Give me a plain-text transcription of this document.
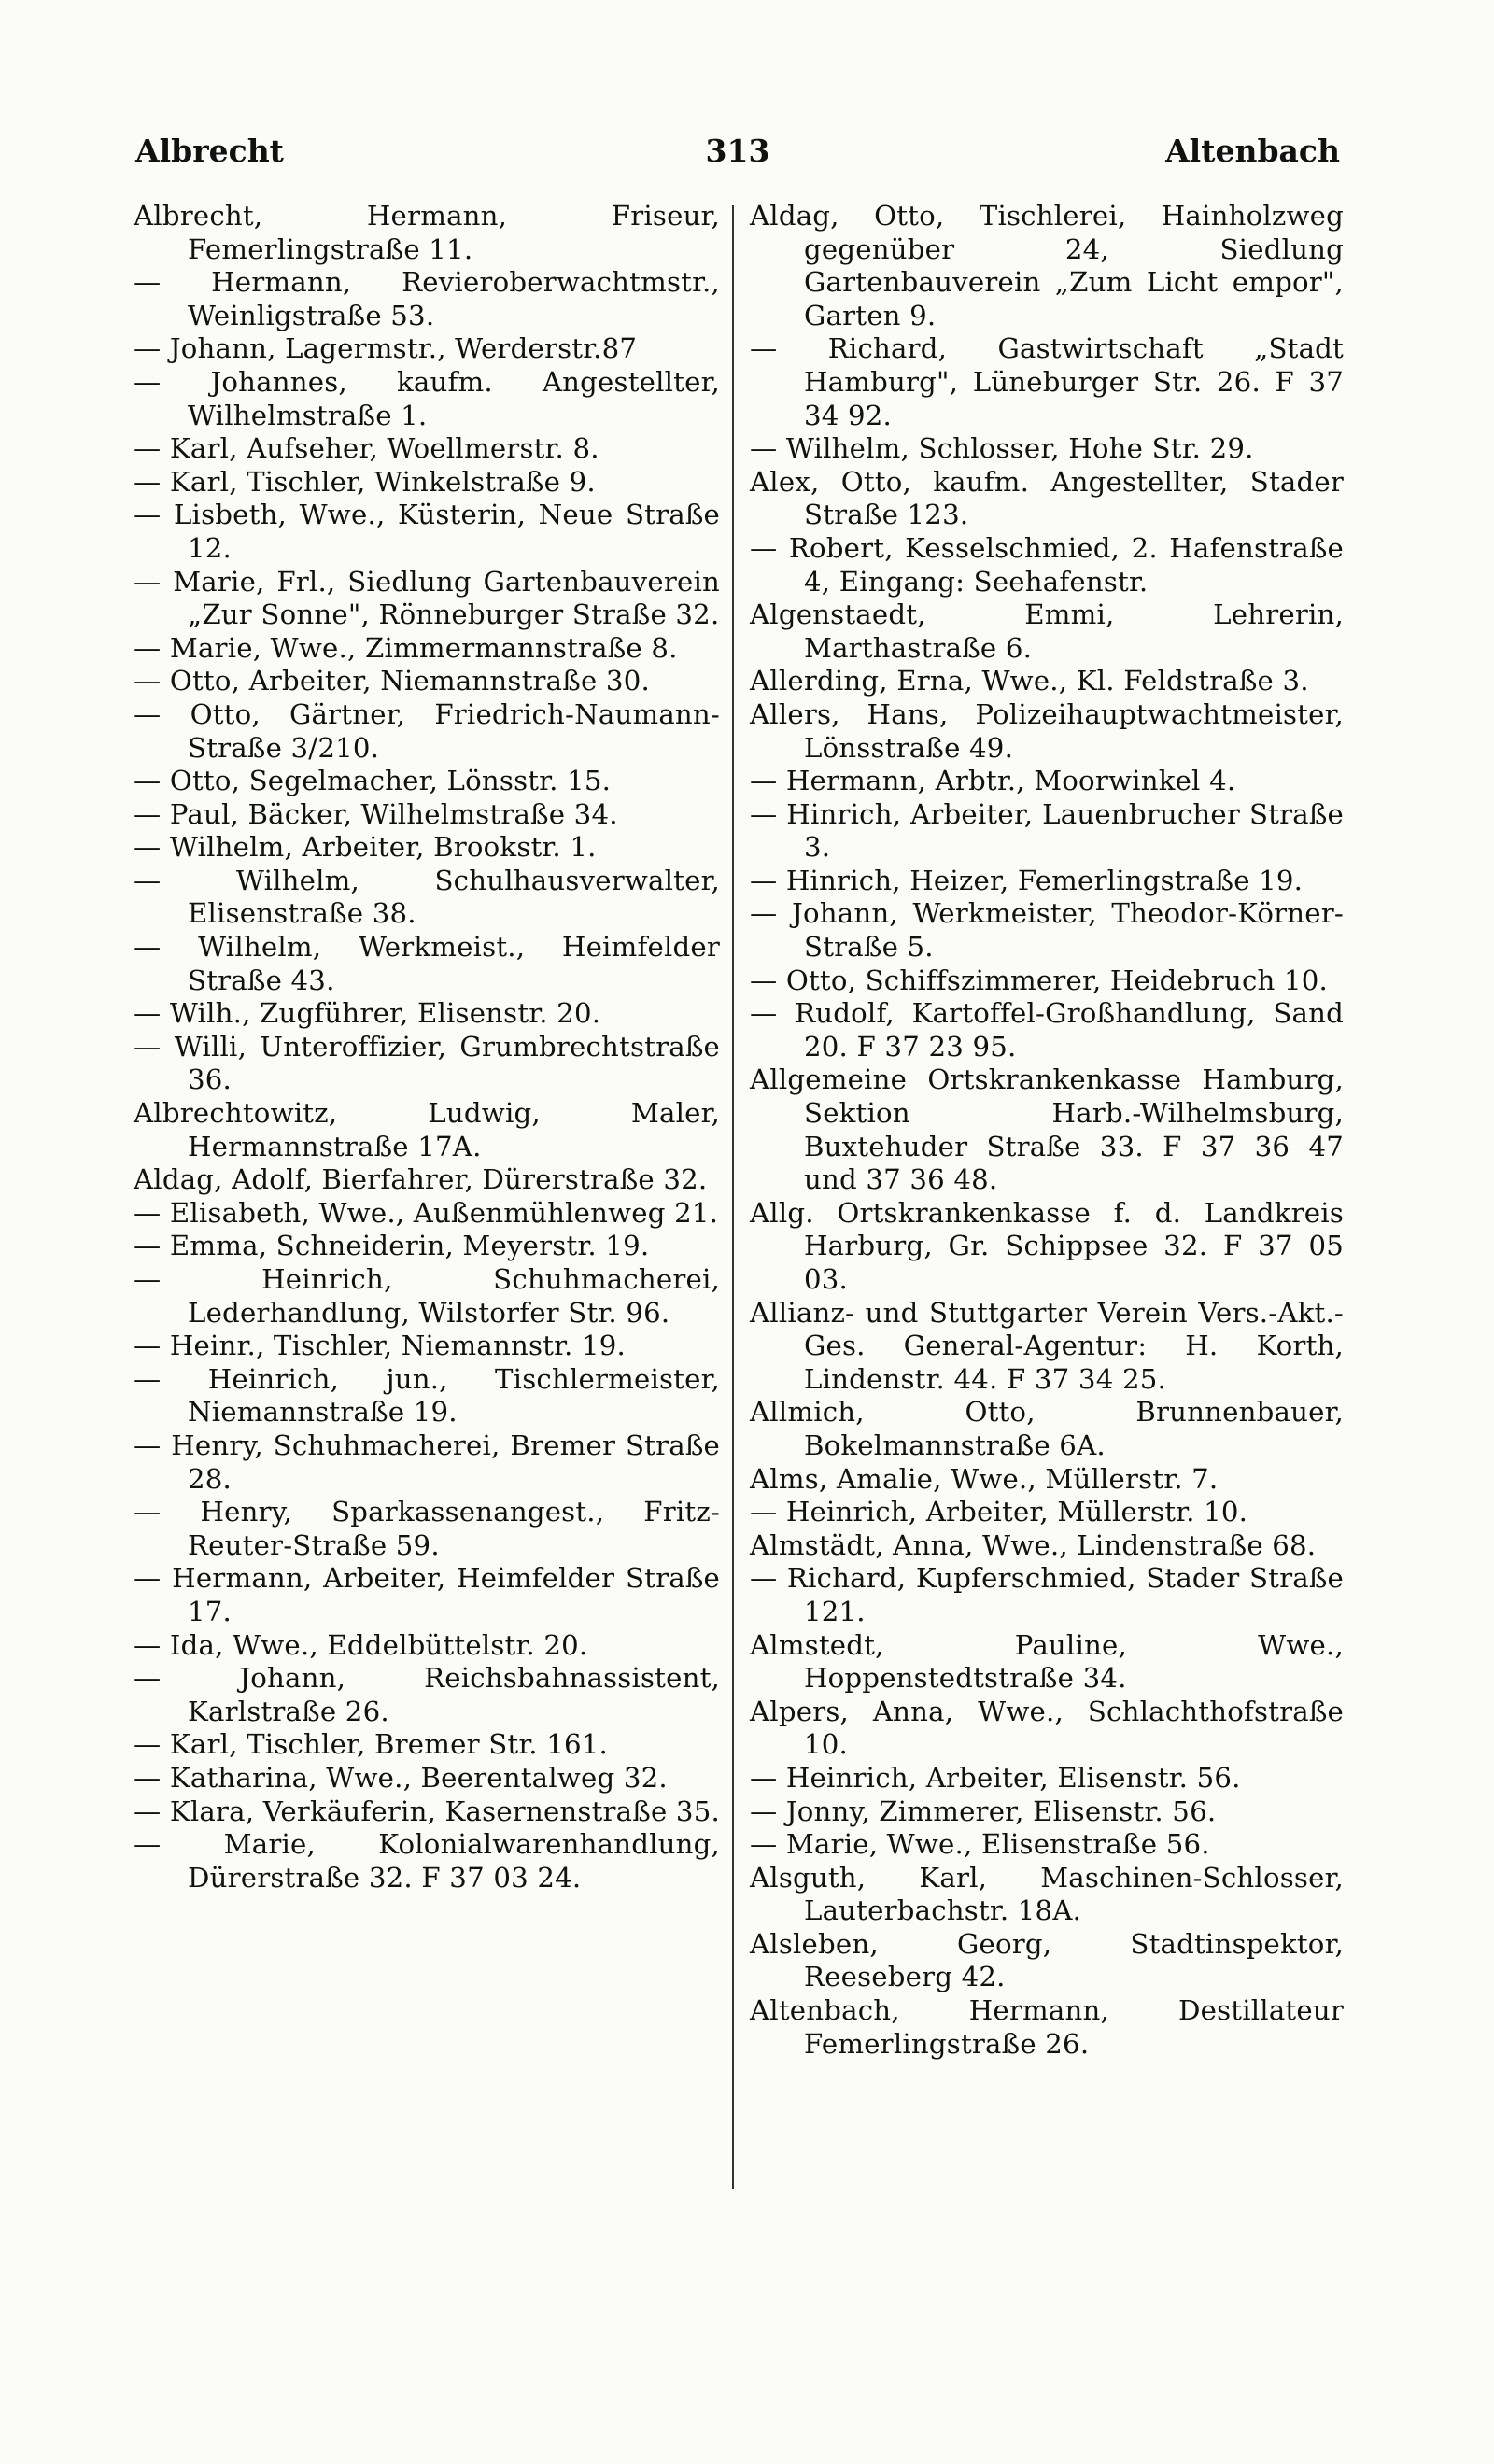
Albrecht	313	Altenbach

Albrecht, Hermann, Friseur, Femerlingstraße 11.

— Hermann, Revieroberwachtmstr., Weinligstraße 53.

— Johann, Lagermstr., Werderstr.87

— Johannes, kaufm. Angestellter, Wilhelmstraße 1.

— Karl, Aufseher, Woellmerstr. 8.

— Karl, Tischler, Winkelstraße 9.

— Lisbeth, Wwe., Küsterin, Neue Straße 12.

— Marie, Frl., Siedlung Gartenbauverein „Zur Sonne", Rönneburger Straße 32.

— Marie, Wwe., Zimmermannstraße 8.

— Otto, Arbeiter, Niemannstraße 30.

— Otto, Gärtner, Friedrich-Naumann-Straße 3/210.

— Otto, Segelmacher, Lönsstr. 15.

— Paul, Bäcker, Wilhelmstraße 34.

— Wilhelm, Arbeiter, Brookstr. 1.

— Wilhelm, Schulhausverwalter, Elisenstraße 38.

— Wilhelm, Werkmeist., Heimfelder Straße 43.

— Wilh., Zugführer, Elisenstr. 20.

— Willi, Unteroffizier, Grumbrechtstraße 36.

Albrechtowitz, Ludwig, Maler, Hermannstraße 17A.

Aldag, Adolf, Bierfahrer, Dürerstraße 32.

— Elisabeth, Wwe., Außenmühlenweg 21.

— Emma, Schneiderin, Meyerstr. 19.

— Heinrich, Schuhmacherei, Lederhandlung, Wilstorfer Str. 96.

— Heinr., Tischler, Niemannstr. 19.

— Heinrich, jun., Tischlermeister, Niemannstraße 19.

— Henry, Schuhmacherei, Bremer Straße 28.

— Henry, Sparkassenangest., Fritz-Reuter-Straße 59.

— Hermann, Arbeiter, Heimfelder Straße 17.

— Ida, Wwe., Eddelbüttelstr. 20.

— Johann, Reichsbahnassistent, Karlstraße 26.

— Karl, Tischler, Bremer Str. 161.

— Katharina, Wwe., Beerentalweg 32.

— Klara, Verkäuferin, Kasernenstraße 35.

— Marie, Kolonialwarenhandlung, Dürerstraße 32. F 37 03 24.

Aldag, Otto, Tischlerei, Hainholzweg gegenüber 24, Siedlung Gartenbauverein „Zum Licht empor", Garten 9.

— Richard, Gastwirtschaft „Stadt Hamburg", Lüneburger Str. 26. F 37 34 92.

— Wilhelm, Schlosser, Hohe Str. 29.

Alex, Otto, kaufm. Angestellter, Stader Straße 123.

— Robert, Kesselschmied, 2. Hafenstraße 4, Eingang: Seehafenstr.

Algenstaedt, Emmi, Lehrerin, Marthastraße 6.

Allerding, Erna, Wwe., Kl. Feldstraße 3.

Allers, Hans, Polizeihauptwachtmeister, Lönsstraße 49.

— Hermann, Arbtr., Moorwinkel 4.

— Hinrich, Arbeiter, Lauenbrucher Straße 3.

— Hinrich, Heizer, Femerlingstraße 19.

— Johann, Werkmeister, Theodor-Körner-Straße 5.

— Otto, Schiffszimmerer, Heidebruch 10.

— Rudolf, Kartoffel-Großhandlung, Sand 20. F 37 23 95.

Allgemeine Ortskrankenkasse Hamburg, Sektion Harb.-Wilhelmsburg, Buxtehuder Straße 33. F 37 36 47 und 37 36 48.

Allg. Ortskrankenkasse f. d. Landkreis Harburg, Gr. Schippsee 32. F 37 05 03.

Allianz- und Stuttgarter Verein Vers.-Akt.-Ges. General-Agentur: H. Korth, Lindenstr. 44. F 37 34 25.

Allmich, Otto, Brunnenbauer, Bokelmannstraße 6A.

Alms, Amalie, Wwe., Müllerstr. 7.

— Heinrich, Arbeiter, Müllerstr. 10.

Almstädt, Anna, Wwe., Lindenstraße 68.

— Richard, Kupferschmied, Stader Straße 121.

Almstedt, Pauline, Wwe., Hoppenstedtstraße 34.

Alpers, Anna, Wwe., Schlachthofstraße 10.

— Heinrich, Arbeiter, Elisenstr. 56.

— Jonny, Zimmerer, Elisenstr. 56.

— Marie, Wwe., Elisenstraße 56.

Alsguth, Karl, Maschinen-Schlosser, Lauterbachstr. 18A.

Alsleben, Georg, Stadtinspektor, Reeseberg 42.

Altenbach, Hermann, Destillateur Femerlingstraße 26.
